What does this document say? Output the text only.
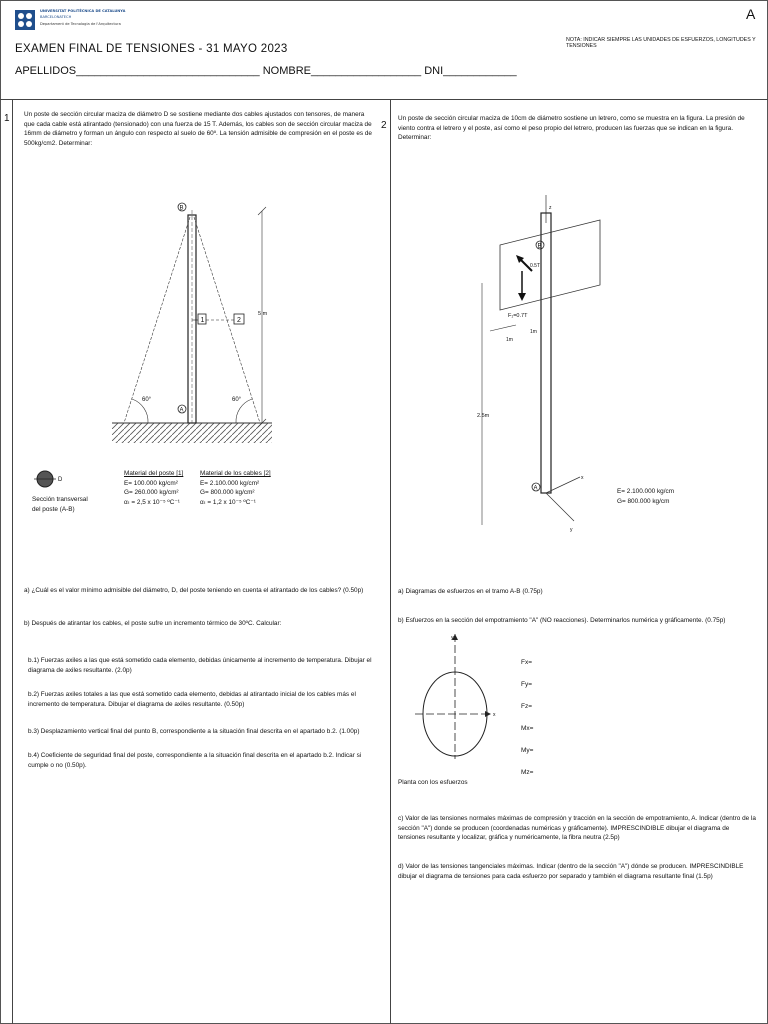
UNIVERSITAT POLITÈCNICA DE CATALUNYA
BARCELONATECH
Departament de Tecnologia de l'Arquitectura
A
EXAMEN FINAL DE TENSIONES - 31 MAYO 2023
NOTA: INDICAR SIEMPRE LAS UNIDADES DE ESFUERZOS, LONGITUDES Y TENSIONES
APELLIDOS______________________________ NOMBRE__________________ DNI____________
1 Un poste de sección circular maciza de diámetro D se sostiene mediante dos cables ajustados con tensores, de manera que cada cable está atirantado (tensionado) con una fuerza de 15 T. Además, los cables son de sección circular maciza de 16mm de diámetro y forman un ángulo con respecto al suelo de 60º. La tensión admisible de compresión en el poste es de 500kg/cm2. Determinar:
B
A
1	2
60°	60°
5 m
D
Sección transversal
del poste (A-B)
Material del poste [1]
E= 100.000 kg/cm²
G= 260.000 kg/cm²
αₜ = 2,5 x 10⁻⁵ ºC⁻¹
Material de los cables [2]
E= 2.100.000 kg/cm²
G= 800.000 kg/cm²
αₜ = 1,2 x 10⁻⁵ ºC⁻¹
a) ¿Cuál es el valor mínimo admisible del diámetro, D, del poste teniendo en cuenta el atirantado de los cables? (0.50p)
b) Después de atirantar los cables, el poste sufre un incremento térmico de 30ºC. Calcular:
b.1) Fuerzas axiles a las que está sometido cada elemento, debidas únicamente al incremento de temperatura. Dibujar el diagrama de axiles resultante. (2.0p)
b.2) Fuerzas axiles totales a las que está sometido cada elemento, debidas al atirantado inicial de los cables más el incremento de temperatura. Dibujar el diagrama de axiles resultante. (0.50p)
b.3) Desplazamiento vertical final del punto B, correspondiente a la situación final descrita en el apartado b.2. (1.00p)
b.4) Coeficiente de seguridad final del poste, correspondiente a la situación final descrita en el apartado b.2. Indicar si cumple o no (0.50p).
2
Un poste de sección circular maciza de 10cm de diámetro sostiene un letrero, como se muestra en la figura. La presión de viento contra el letrero y el poste, así como el peso propio del letrero, producen las fuerzas que se indican en la figura. Determinar:
z
B
0.5T
F₁=0.7T
1m
1m
2.5m
A
x
y
E= 2.100.000 kg/cm
G= 800.000 kg/cm
a) Diagramas de esfuerzos en el tramo A-B (0.75p)
b) Esfuerzos en la sección del empotramiento "A" (NO reacciones). Determinarlos numérica y gráficamente. (0.75p)
y
x
Planta con los esfuerzos
Fx=
Fy=
Fz=
Mx=
My=
Mz=
c) Valor de las tensiones normales máximas de compresión y tracción en la sección de empotramiento, A. Indicar (dentro de la sección "A") donde se producen (coordenadas numéricas y gráficamente). IMPRESCINDIBLE dibujar el diagrama de tensiones resultante y localizar, gráfica y numéricamente, la fibra neutra (2.5p)
d) Valor de las tensiones tangenciales máximas. Indicar (dentro de la sección "A") dónde se producen. IMPRESCINDIBLE dibujar el diagrama de tensiones para cada esfuerzo por separado y también el diagrama resultante final (1.5p)
